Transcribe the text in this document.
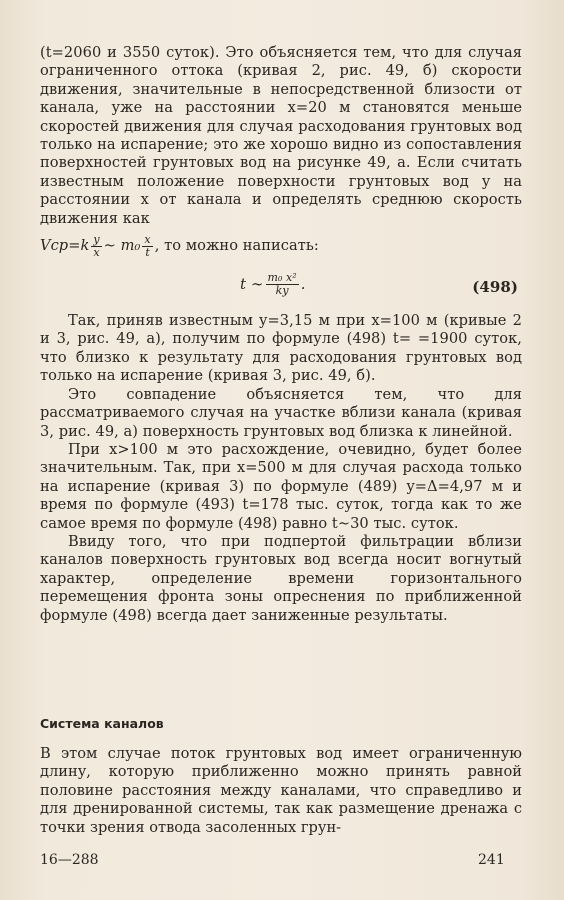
(t=2060 и 3550 суток). Это объясняется тем, что для случая ограниченного оттока (кривая 2, рис. 49, б) скорости движения, значительные в непосредственной близости от канала, уже на расстоянии x=20 м становятся меньше скоростей движения для случая расходования грунтовых вод только на испарение; это же хорошо видно из сопоставления поверхностей грунтовых вод на рисунке 49, а. Если считать известным положение поверхности грунтовых вод y на расстоянии x от канала и определять среднюю скорость движения как

$Vср=k \frac{y}{x}$ ∼ $m_0 \frac{x}{t}$ , то можно написать:
t ∼ $\frac{\text{m₀ x²}}{ky}$ .	(498)

Так, приняв известным y=3,15 м при x=100 м (кривые 2 и 3, рис. 49, а), получим по формуле (498) t= =1900 суток, что близко к результату для расходования грунтовых вод только на испарение (кривая 3, рис. 49, б).

Это совпадение объясняется тем, что для рассматриваемого случая на участке вблизи канала (кривая 3, рис. 49, а) поверхность грунтовых вод близка к линейной.

При x>100 м это расхождение, очевидно, будет более значительным. Так, при x=500 м для случая расхода только на испарение (кривая 3) по формуле (489) y=Δ=4,97 м и время по формуле (493) t=178 тыс. суток, тогда как то же самое время по формуле (498) равно t∼30 тыс. суток.

Ввиду того, что при подпертой фильтрации вблизи каналов поверхность грунтовых вод всегда носит вогнутый характер, определение времени горизонтального перемещения фронта зоны опреснения по приближенной формуле (498) всегда дает заниженные результаты.

Система каналов

В этом случае поток грунтовых вод имеет ограниченную длину, которую приближенно можно принять равной половине расстояния между каналами, что справедливо и для дренированной системы, так как размещение дренажа с точки зрения отвода засоленных грун-

16—288	241
